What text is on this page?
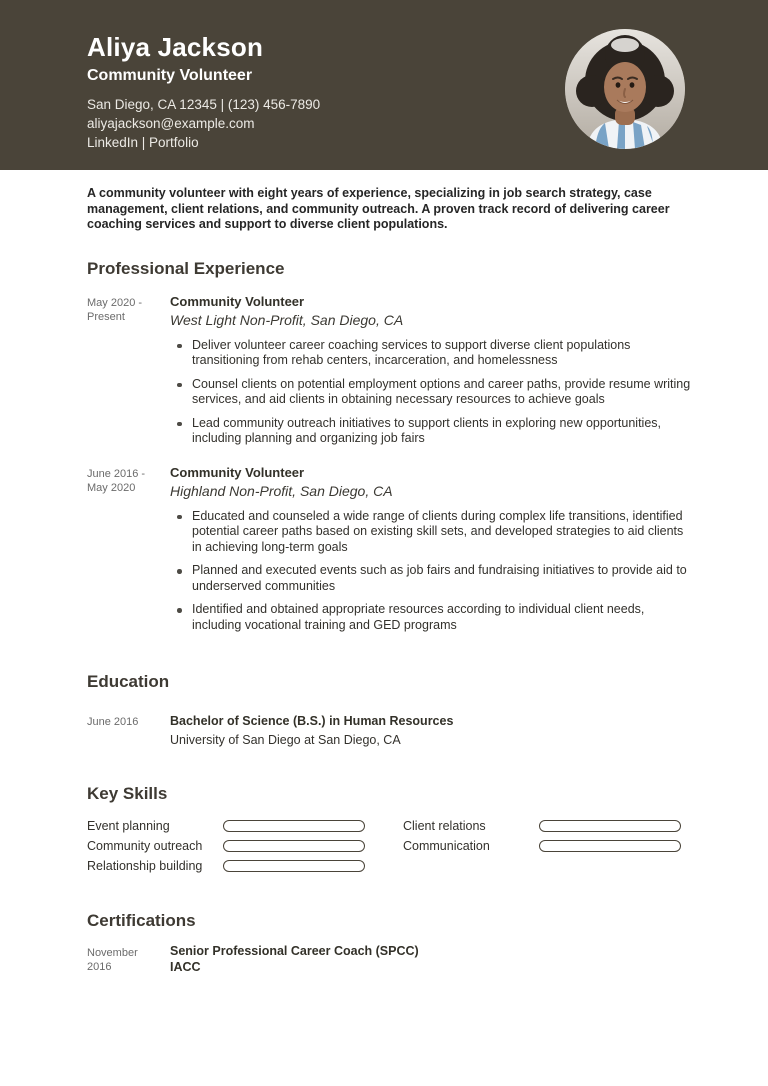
Aliya Jackson
Community Volunteer
San Diego, CA 12345 | (123) 456-7890
aliyajackson@example.com
LinkedIn | Portfolio

A community volunteer with eight years of experience, specializing in job search strategy, case management, client relations, and community outreach. A proven track record of delivering career coaching services and support to diverse client populations.

Professional Experience
May 2020 - Present
Community Volunteer
West Light Non-Profit, San Diego, CA
Deliver volunteer career coaching services to support diverse client populations transitioning from rehab centers, incarceration, and homelessness
Counsel clients on potential employment options and career paths, provide resume writing services, and aid clients in obtaining necessary resources to achieve goals
Lead community outreach initiatives to support clients in exploring new opportunities, including planning and organizing job fairs
June 2016 - May 2020
Community Volunteer
Highland Non-Profit, San Diego, CA
Educated and counseled a wide range of clients during complex life transitions, identified potential career paths based on existing skill sets, and developed strategies to aid clients in achieving long-term goals
Planned and executed events such as job fairs and fundraising initiatives to provide aid to underserved communities
Identified and obtained appropriate resources according to individual client needs, including vocational training and GED programs
Education
June 2016	Bachelor of Science (B.S.) in Human Resources
University of San Diego at San Diego, CA
Key Skills
Event planning
Community outreach
Relationship building
Client relations
Communication
Certifications
November 2016
Senior Professional Career Coach (SPCC)
IACC
